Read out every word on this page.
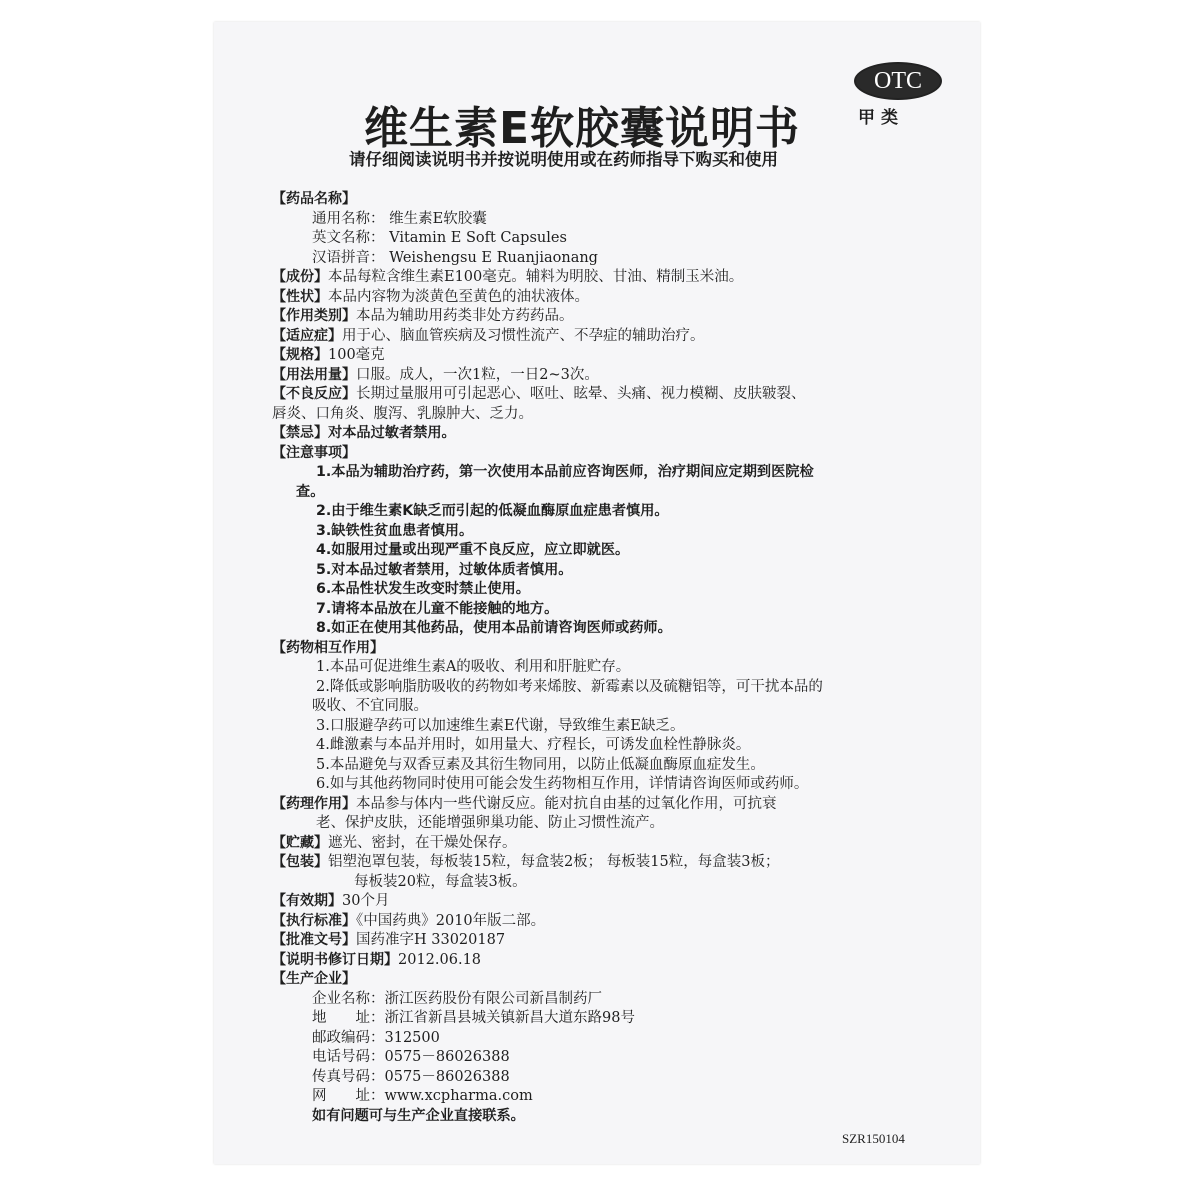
OTC
甲类
维生素E软胶囊说明书
请仔细阅读说明书并按说明使用或在药师指导下购买和使用
【药品名称】
通用名称： 维生素E软胶囊
英文名称： Vitamin E Soft Capsules
汉语拼音： Weishengsu E Ruanjiaonang
【成份】本品每粒含维生素E100毫克。辅料为明胶、甘油、精制玉米油。
【性状】本品内容物为淡黄色至黄色的油状液体。
【作用类别】本品为辅助用药类非处方药药品。
【适应症】用于心、脑血管疾病及习惯性流产、不孕症的辅助治疗。
【规格】100毫克
【用法用量】口服。成人，一次1粒，一日2~3次。
【不良反应】长期过量服用可引起恶心、呕吐、眩晕、头痛、视力模糊、皮肤皲裂、
唇炎、口角炎、腹泻、乳腺肿大、乏力。
【禁忌】对本品过敏者禁用。
【注意事项】
1.本品为辅助治疗药，第一次使用本品前应咨询医师，治疗期间应定期到医院检
查。
2.由于维生素K缺乏而引起的低凝血酶原血症患者慎用。
3.缺铁性贫血患者慎用。
4.如服用过量或出现严重不良反应，应立即就医。
5.对本品过敏者禁用，过敏体质者慎用。
6.本品性状发生改变时禁止使用。
7.请将本品放在儿童不能接触的地方。
8.如正在使用其他药品，使用本品前请咨询医师或药师。
【药物相互作用】
1.本品可促进维生素A的吸收、利用和肝脏贮存。
2.降低或影响脂肪吸收的药物如考来烯胺、新霉素以及硫糖铝等，可干扰本品的
吸收、不宜同服。
3.口服避孕药可以加速维生素E代谢，导致维生素E缺乏。
4.雌激素与本品并用时，如用量大、疗程长，可诱发血栓性静脉炎。
5.本品避免与双香豆素及其衍生物同用，以防止低凝血酶原血症发生。
6.如与其他药物同时使用可能会发生药物相互作用，详情请咨询医师或药师。
【药理作用】本品参与体内一些代谢反应。能对抗自由基的过氧化作用，可抗衰
老、保护皮肤，还能增强卵巢功能、防止习惯性流产。
【贮藏】遮光、密封，在干燥处保存。
【包装】铝塑泡罩包装，每板装15粒，每盒装2板； 每板装15粒，每盒装3板；
每板装20粒，每盒装3板。
【有效期】30个月
【执行标准】《中国药典》2010年版二部。
【批准文号】国药准字H 33020187
【说明书修订日期】2012.06.18
【生产企业】
企业名称：浙江医药股份有限公司新昌制药厂
地　　址：浙江省新昌县城关镇新昌大道东路98号
邮政编码：312500
电话号码：0575－86026388
传真号码：0575－86026388
网　　址：www.xcpharma.com
如有问题可与生产企业直接联系。
SZR150104
